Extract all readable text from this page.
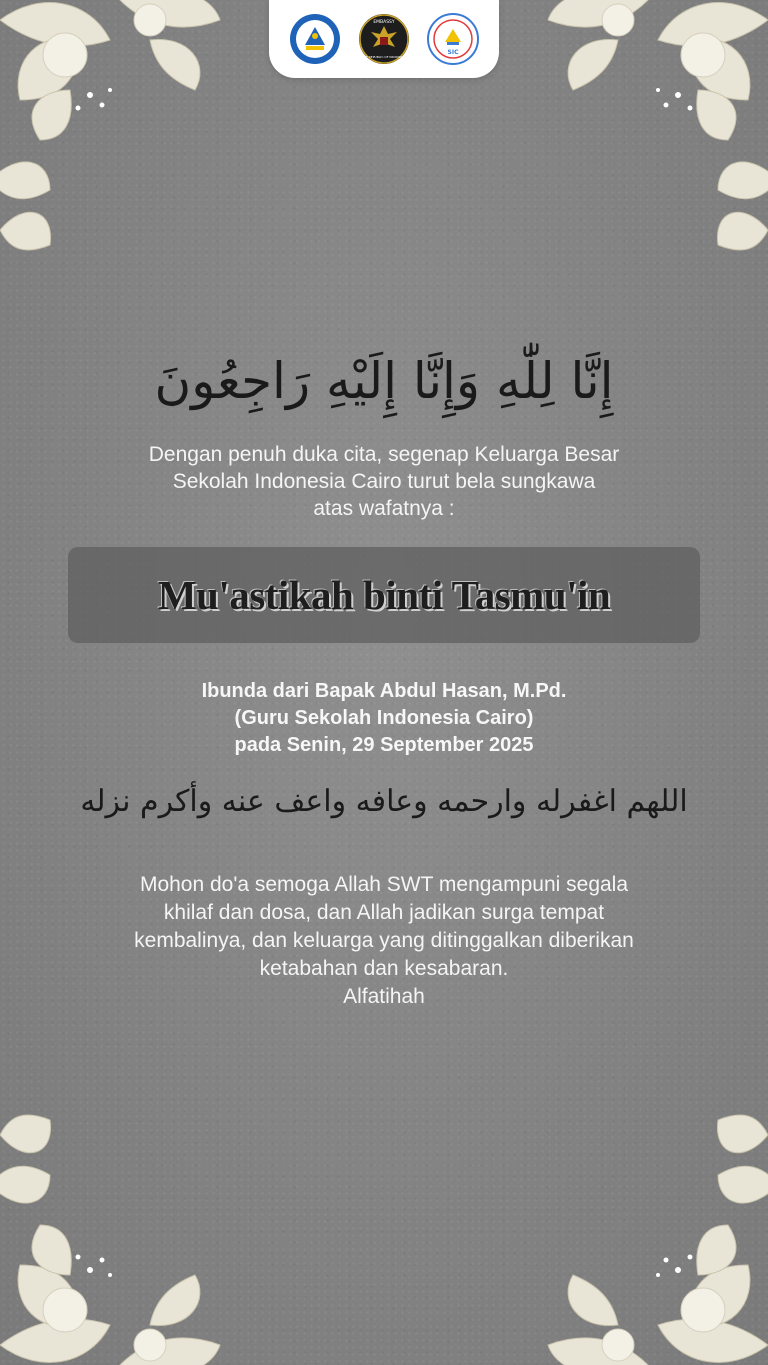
EMBASSY
THE REPUBLIC OF INDONESIA
SIC
إِنَّا لِلّٰهِ وَإِنَّا إِلَيْهِ رَاجِعُونَ
Dengan penuh duka cita, segenap Keluarga Besar
Sekolah Indonesia Cairo turut bela sungkawa
atas wafatnya :
Mu'astikah binti Tasmu'in
Ibunda dari Bapak Abdul Hasan, M.Pd.
(Guru Sekolah Indonesia Cairo)
pada Senin, 29 September 2025
اللهم اغفرله وارحمه وعافه واعف عنه وأكرم نزله
Mohon do'a semoga Allah SWT mengampuni segala
khilaf dan dosa, dan Allah jadikan surga tempat
kembalinya, dan keluarga yang ditinggalkan diberikan
ketabahan dan kesabaran.
Alfatihah
